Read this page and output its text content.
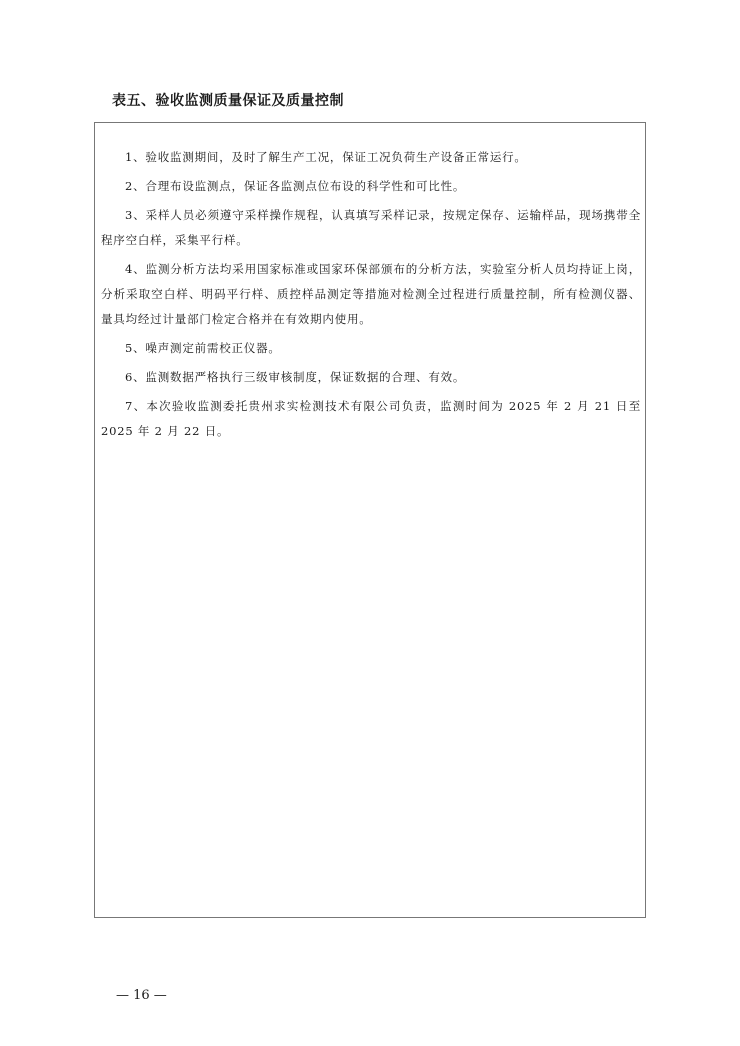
表五、验收监测质量保证及质量控制

1、验收监测期间，及时了解生产工况，保证工况负荷生产设备正常运行。

2、合理布设监测点，保证各监测点位布设的科学性和可比性。

3、采样人员必须遵守采样操作规程，认真填写采样记录，按规定保存、运输样品，现场携带全程序空白样，采集平行样。

4、监测分析方法均采用国家标准或国家环保部颁布的分析方法，实验室分析人员均持证上岗，分析采取空白样、明码平行样、质控样品测定等措施对检测全过程进行质量控制，所有检测仪器、量具均经过计量部门检定合格并在有效期内使用。

5、噪声测定前需校正仪器。

6、监测数据严格执行三级审核制度，保证数据的合理、有效。

7、本次验收监测委托贵州求实检测技术有限公司负责，监测时间为 2025 年 2 月 21 日至 2025 年 2 月 22 日。

— 16 —
